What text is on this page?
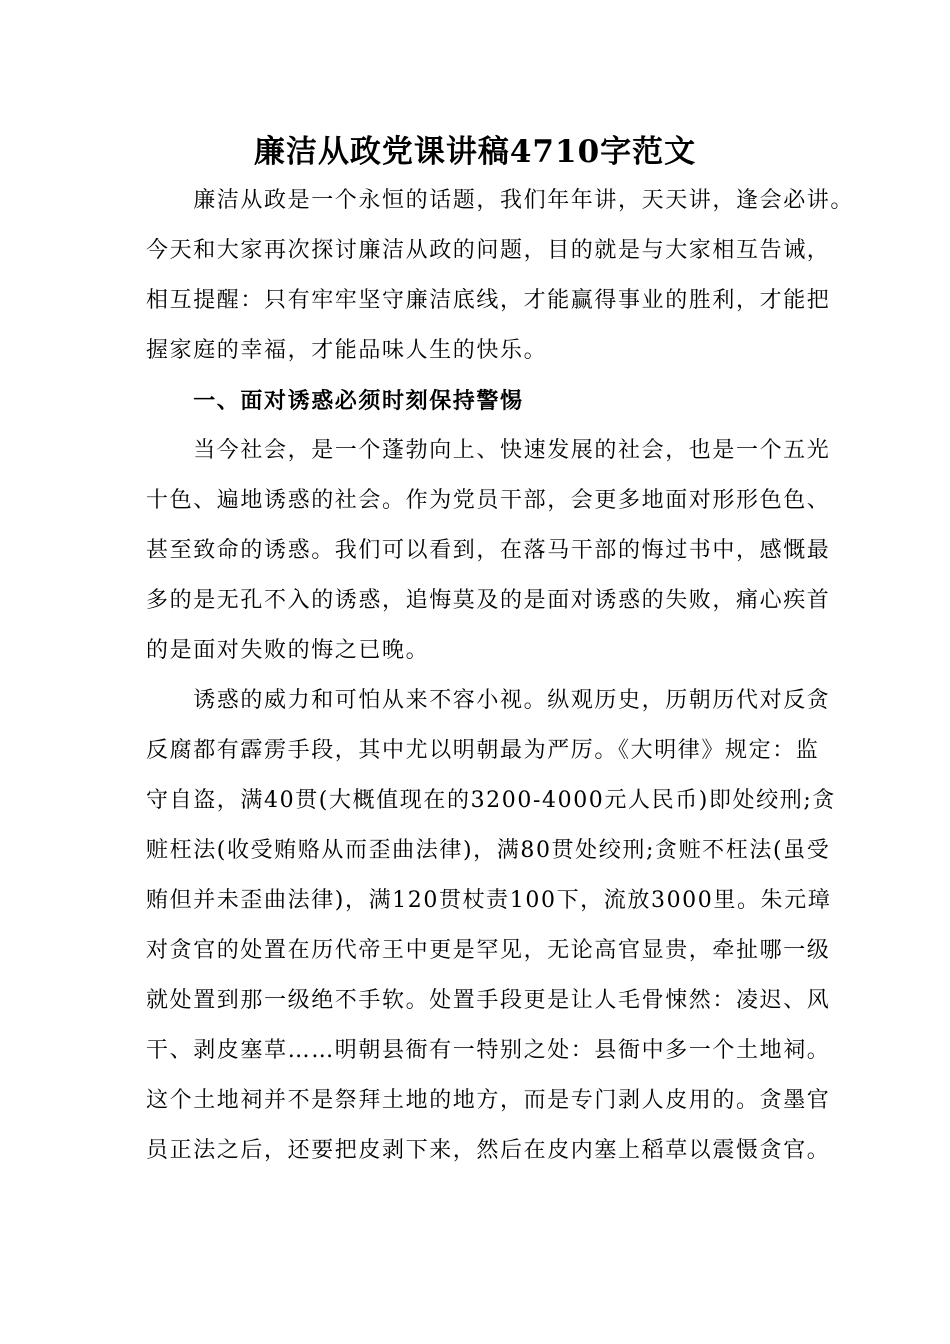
廉洁从政党课讲稿4710字范文
　　廉洁从政是一个永恒的话题，我们年年讲，天天讲，逢会必讲。
今天和大家再次探讨廉洁从政的问题，目的就是与大家相互告诫，
相互提醒：只有牢牢坚守廉洁底线，才能赢得事业的胜利，才能把
握家庭的幸福，才能品味人生的快乐。
　　一、面对诱惑必须时刻保持警惕
　　当今社会，是一个蓬勃向上、快速发展的社会，也是一个五光
十色、遍地诱惑的社会。作为党员干部，会更多地面对形形色色、
甚至致命的诱惑。我们可以看到，在落马干部的悔过书中，感慨最
多的是无孔不入的诱惑，追悔莫及的是面对诱惑的失败，痛心疾首
的是面对失败的悔之已晚。
　　诱惑的威力和可怕从来不容小视。纵观历史，历朝历代对反贪
反腐都有霹雳手段，其中尤以明朝最为严厉。《大明律》规定：监
守自盗，满40贯(大概值现在的3200-4000元人民币)即处绞刑;贪
赃枉法(收受贿赂从而歪曲法律)，满80贯处绞刑;贪赃不枉法(虽受
贿但并未歪曲法律)，满120贯杖责100下，流放3000里。朱元璋
对贪官的处置在历代帝王中更是罕见，无论高官显贵，牵扯哪一级
就处置到那一级绝不手软。处置手段更是让人毛骨悚然：凌迟、风
干、剥皮塞草……明朝县衙有一特别之处：县衙中多一个土地祠。
这个土地祠并不是祭拜土地的地方，而是专门剥人皮用的。贪墨官
员正法之后，还要把皮剥下来，然后在皮内塞上稻草以震慑贪官。
